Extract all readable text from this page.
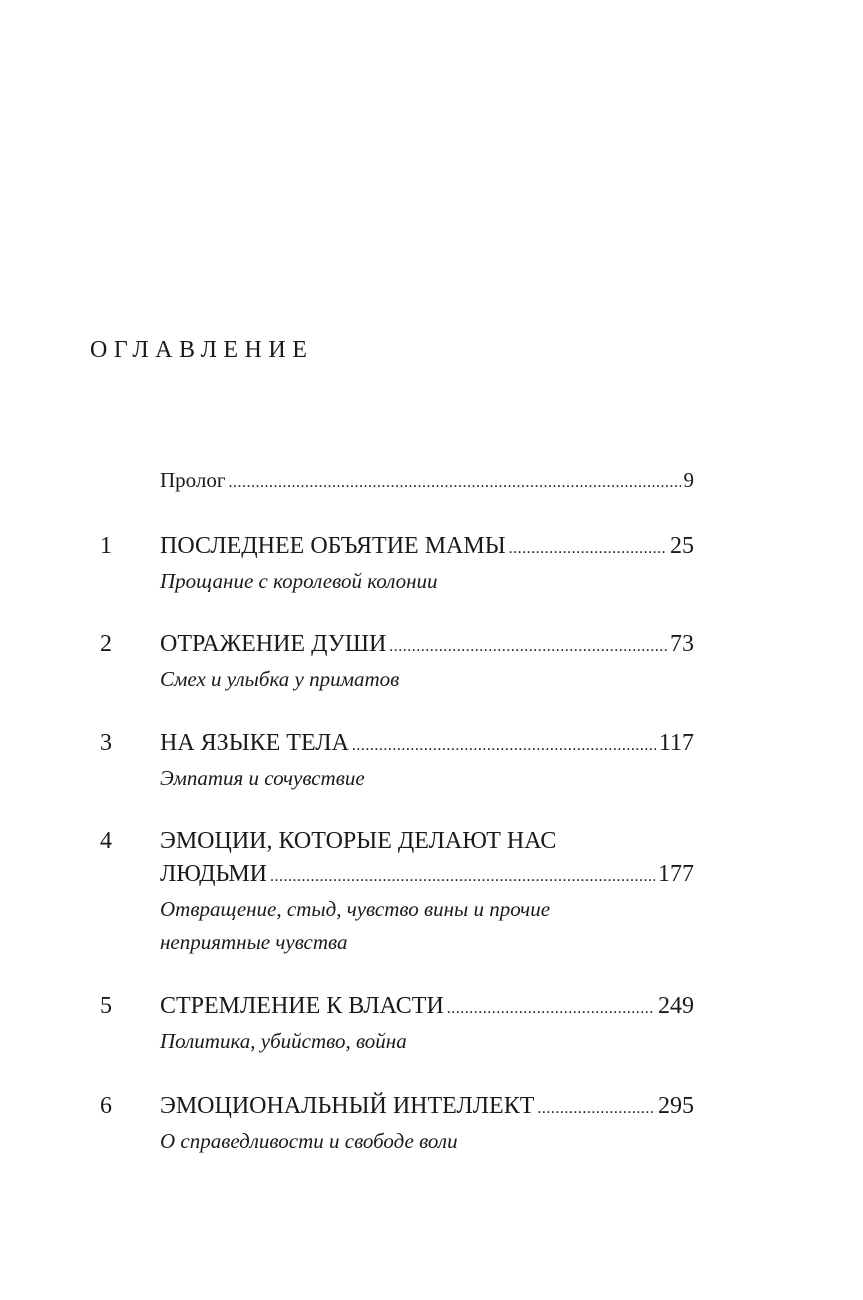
ОГЛАВЛЕНИЕ
Пролог .....	9
1 ПОСЛЕДНЕЕ ОБЪЯТИЕ МАМЫ .....	25
Прощание с королевой колонии
2 ОТРАЖЕНИЕ ДУШИ .....	73
Смех и улыбка у приматов
3 НА ЯЗЫКЕ ТЕЛА .....	117
Эмпатия и сочувствие
4 ЭМОЦИИ, КОТОРЫЕ ДЕЛАЮТ НАС
ЛЮДЬМИ .....	177
Отвращение, стыд, чувство вины и прочие
неприятные чувства
5 СТРЕМЛЕНИЕ К ВЛАСТИ .....	249
Политика, убийство, война
6 ЭМОЦИОНАЛЬНЫЙ ИНТЕЛЛЕКТ .....	295
О справедливости и свободе воли
